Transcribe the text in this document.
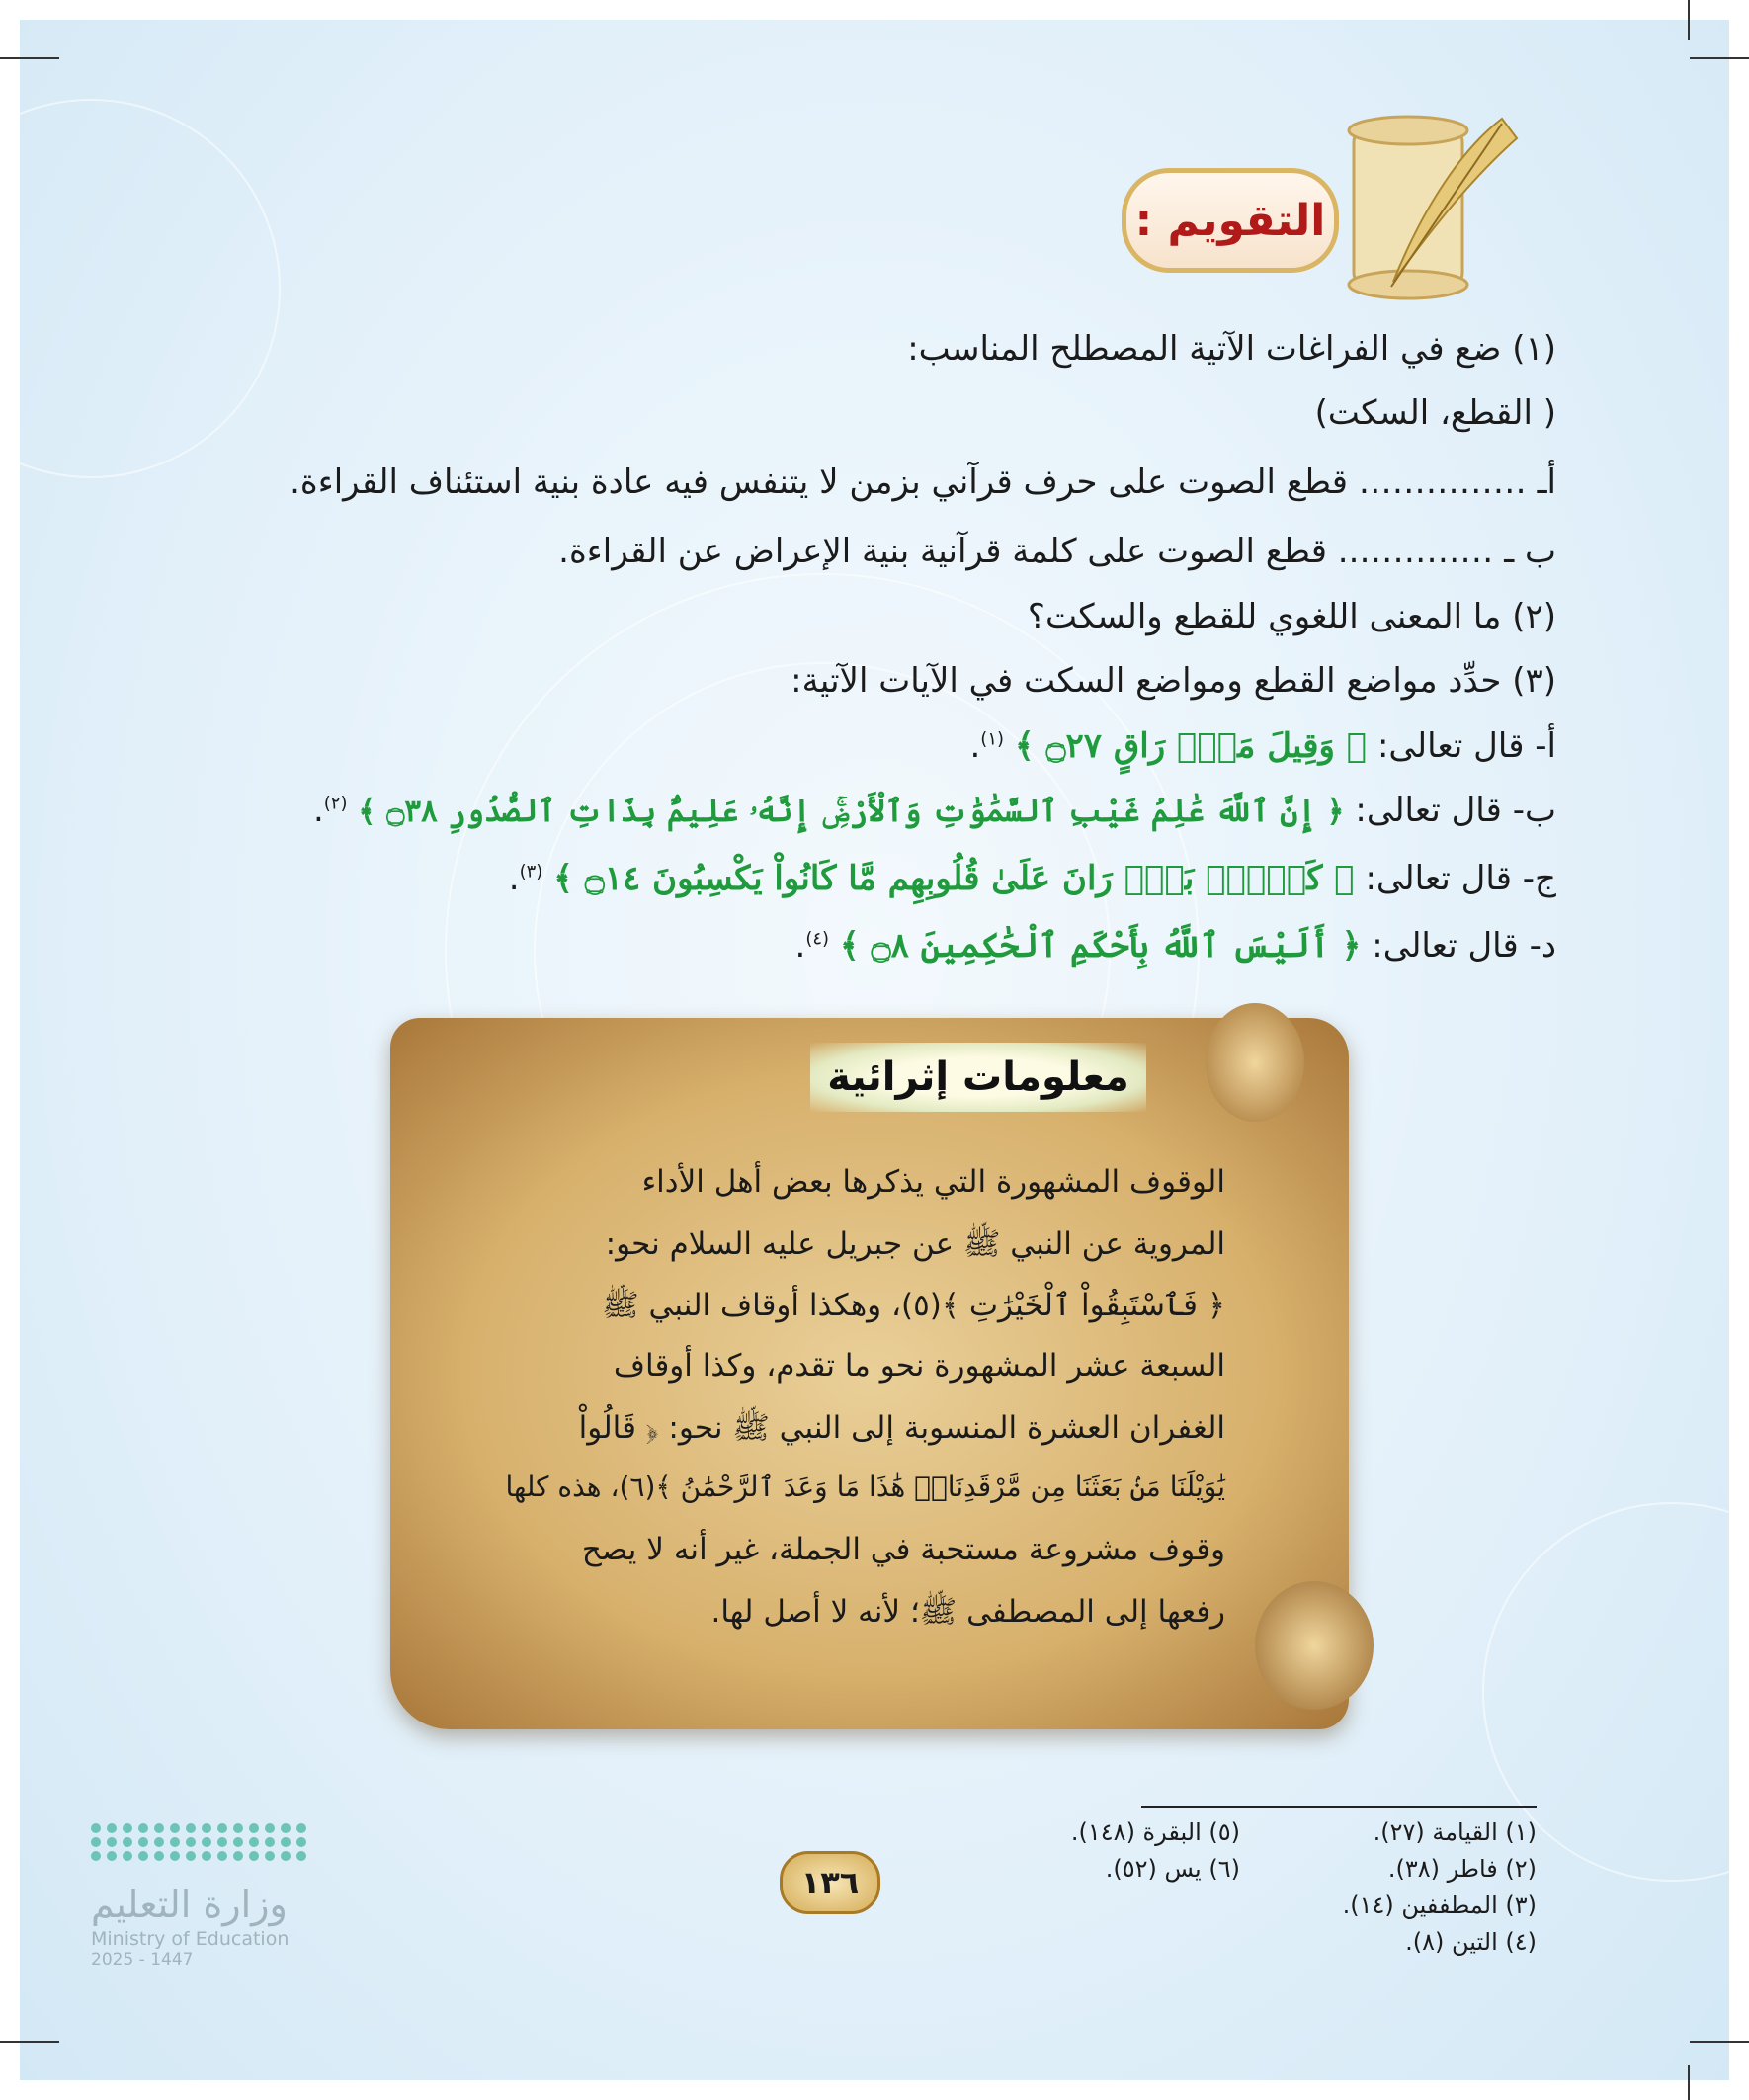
التقويم :
(١) ضع في الفراغات الآتية المصطلح المناسب:
( القطع، السكت)
أـ …………… قطع الصوت على حرف قرآني بزمن لا يتنفس فيه عادة بنية استئناف القراءة.
ب ـ ………….. قطع الصوت على كلمة قرآنية بنية الإعراض عن القراءة.
(٢) ما المعنى اللغوي للقطع والسكت؟
(٣) حدِّد مواضع القطع ومواضع السكت في الآيات الآتية:
أ- قال تعالى: ﴿ وَقِيلَ مَنْۜ رَاقٍ ۝٢٧ ﴾ $^{(١)}$.
ب- قال تعالى: ﴿ إِنَّ ٱللَّهَ عَٰلِمُ غَيْبِ ٱلسَّمَٰوَٰتِ وَٱلْأَرْضِۚ إِنَّهُۥ عَلِيمٌۢ بِذَاتِ ٱلصُّدُورِ ۝٣٨ ﴾ $^{(٢)}$.
ج- قال تعالى: ﴿ كَلَّاۖ بَلْۜ رَانَ عَلَىٰ قُلُوبِهِم مَّا كَانُواْ يَكْسِبُونَ ۝١٤ ﴾ $^{(٣)}$.
د- قال تعالى: ﴿ أَلَيْسَ ٱللَّهُ بِأَحْكَمِ ٱلْحَٰكِمِينَ ۝٨ ﴾ $^{(٤)}$.
معلومات إثرائية
الوقوف المشهورة التي يذكرها بعض أهل الأداء
المروية عن النبي ﷺ عن جبريل عليه السلام نحو:
﴿ فَٱسْتَبِقُواْ ٱلْخَيْرَٰتِ ﴾(٥)، وهكذا أوقاف النبي ﷺ
السبعة عشر المشهورة نحو ما تقدم، وكذا أوقاف
الغفران العشرة المنسوبة إلى النبي ﷺ نحو: ﴿ قَالُواْ
يَٰوَيْلَنَا مَنۢ بَعَثَنَا مِن مَّرْقَدِنَاۜۗ هَٰذَا مَا وَعَدَ ٱلرَّحْمَٰنُ ﴾(٦)، هذه كلها
وقوف مشروعة مستحبة في الجملة، غير أنه لا يصح
رفعها إلى المصطفى ﷺ؛ لأنه لا أصل لها.
(١) القيامة (٢٧).
(٢) فاطر (٣٨).
(٣) المطففين (١٤).
(٤) التين (٨).
(٥) البقرة (١٤٨).
(٦) يس (٥٢).
١٣٦
وزارة التعليم
Ministry of Education
2025 - 1447
